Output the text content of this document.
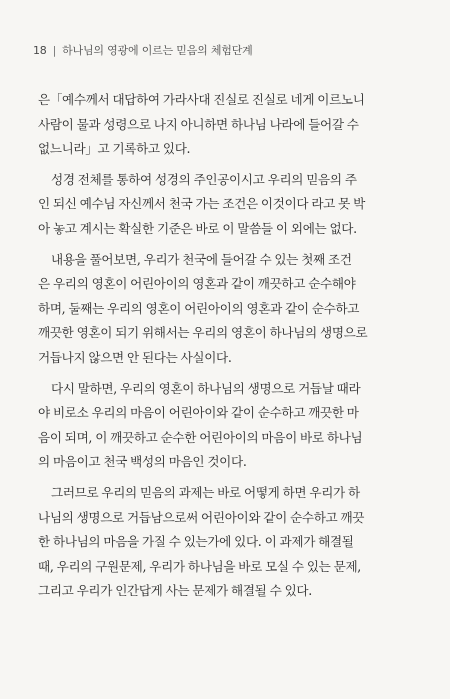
18 | 하나님의 영광에 이르는 믿음의 체험단계

은「예수께서 대답하여 가라사대 진실로 진실로 네게 이르노니
사람이 물과 성령으로 나지 아니하면 하나님 나라에 들어갈 수
없느니라」고 기록하고 있다.

성경 전체를 통하여 성경의 주인공이시고 우리의 믿음의 주
인 되신 예수님 자신께서 천국 가는 조건은 이것이다 라고 못 박
아 놓고 계시는 확실한 기준은 바로 이 말씀들 이 외에는 없다.

내용을 풀어보면, 우리가 천국에 들어갈 수 있는 첫째 조건
은 우리의 영혼이 어린아이의 영혼과 같이 깨끗하고 순수해야
하며, 둘째는 우리의 영혼이 어린아이의 영혼과 같이 순수하고
깨끗한 영혼이 되기 위해서는 우리의 영혼이 하나님의 생명으로
거듭나지 않으면 안 된다는 사실이다.

다시 말하면, 우리의 영혼이 하나님의 생명으로 거듭날 때라
야 비로소 우리의 마음이 어린아이와 같이 순수하고 깨끗한 마
음이 되며, 이 깨끗하고 순수한 어린아이의 마음이 바로 하나님
의 마음이고 천국 백성의 마음인 것이다.

그러므로 우리의 믿음의 과제는 바로 어떻게 하면 우리가 하
나님의 생명으로 거듭남으로써 어린아이와 같이 순수하고 깨끗
한 하나님의 마음을 가질 수 있는가에 있다. 이 과제가 해결될
때, 우리의 구원문제, 우리가 하나님을 바로 모실 수 있는 문제,
그리고 우리가 인간답게 사는 문제가 해결될 수 있다.
